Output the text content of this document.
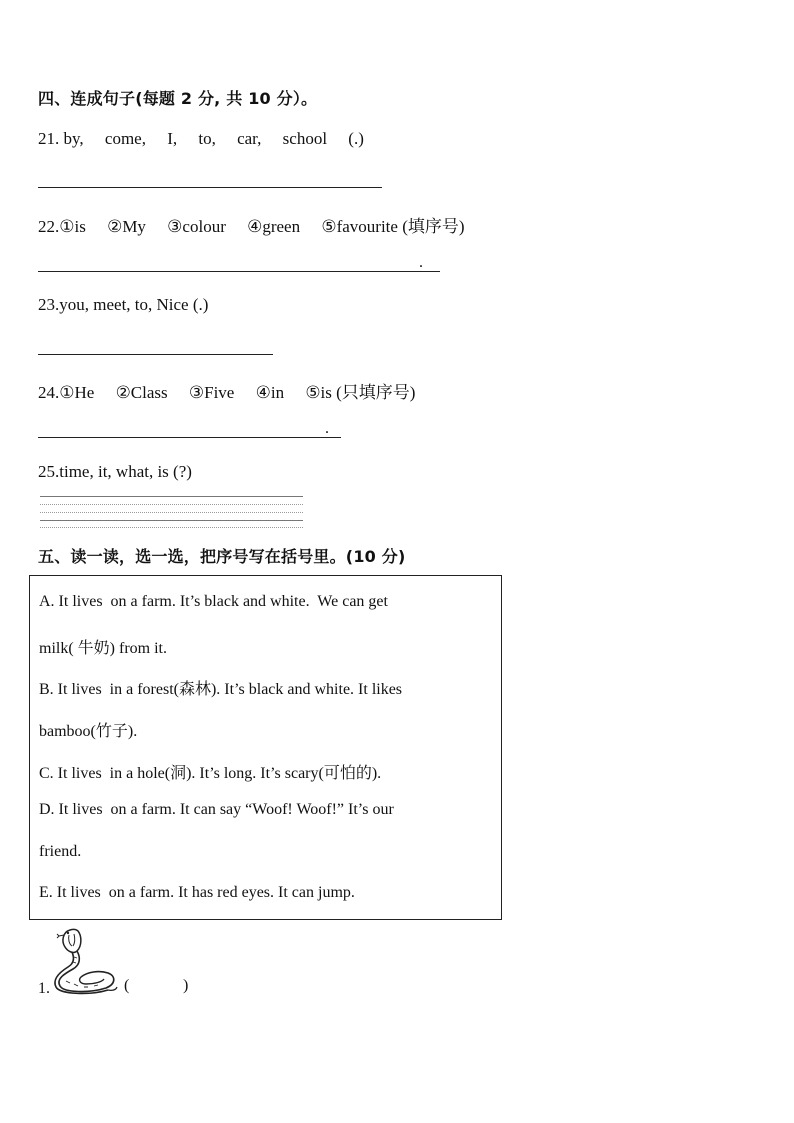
四、连成句子(每题 2 分, 共 10 分）。
21. by,     come,     I,     to,     car,     school     (.)
22.①is     ②My     ③colour     ④green     ⑤favourite (填序号)
.
23.you, meet, to, Nice (.)
24.①He     ②Class     ③Five     ④in     ⑤is (只填序号)
.
25.time, it, what, is (?)
五、读一读，选一选，把序号写在括号里。(10 分)
A. It lives  on a farm. It’s black and white.  We can get
milk( 牛奶) from it.
B. It lives  in a forest(森林). It’s black and white. It likes
bamboo(竹子).
C. It lives  in a hole(洞). It’s long. It’s scary(可怕的).
D. It lives  on a farm. It can say “Woof! Woof!” It’s our
friend.
E. It lives  on a farm. It has red eyes. It can jump.
1.	(	)
